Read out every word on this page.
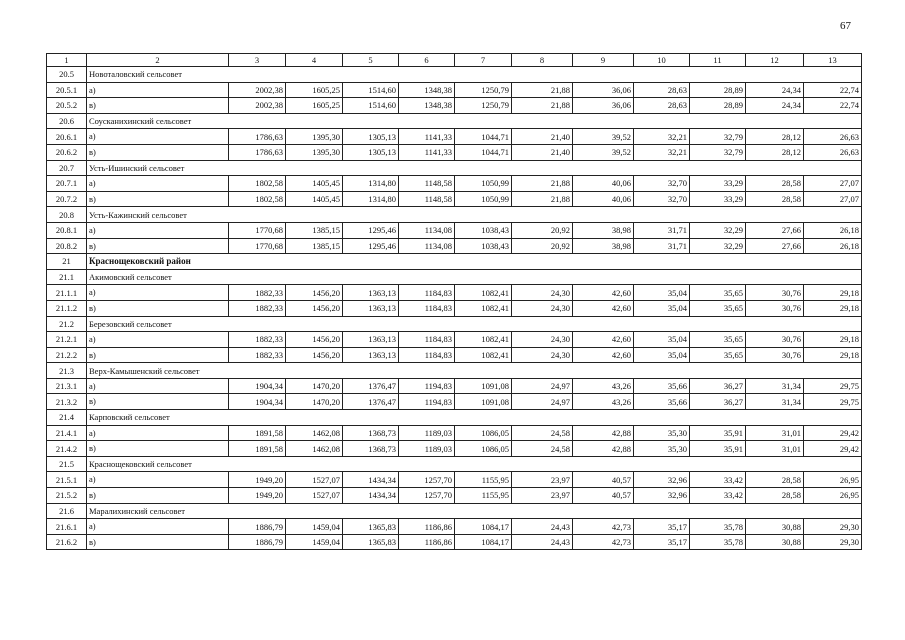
67
1	2	3	4	5	6	7	8	9	10	11	12	13
20.5	Новоталовский сельсовет											
20.5.1	а)	2002,38	1605,25	1514,60	1348,38	1250,79	21,88	36,06	28,63	28,89	24,34	22,74
20.5.2	в)	2002,38	1605,25	1514,60	1348,38	1250,79	21,88	36,06	28,63	28,89	24,34	22,74
20.6	Соусканихинский сельсовет											
20.6.1	а)	1786,63	1395,30	1305,13	1141,33	1044,71	21,40	39,52	32,21	32,79	28,12	26,63
20.6.2	в)	1786,63	1395,30	1305,13	1141,33	1044,71	21,40	39,52	32,21	32,79	28,12	26,63
20.7	Усть-Ишинский сельсовет											
20.7.1	а)	1802,58	1405,45	1314,80	1148,58	1050,99	21,88	40,06	32,70	33,29	28,58	27,07
20.7.2	в)	1802,58	1405,45	1314,80	1148,58	1050,99	21,88	40,06	32,70	33,29	28,58	27,07
20.8	Усть-Кажинский сельсовет											
20.8.1	а)	1770,68	1385,15	1295,46	1134,08	1038,43	20,92	38,98	31,71	32,29	27,66	26,18
20.8.2	в)	1770,68	1385,15	1295,46	1134,08	1038,43	20,92	38,98	31,71	32,29	27,66	26,18
21	Краснощековский район											
21.1	Акимовский сельсовет											
21.1.1	а)	1882,33	1456,20	1363,13	1184,83	1082,41	24,30	42,60	35,04	35,65	30,76	29,18
21.1.2	в)	1882,33	1456,20	1363,13	1184,83	1082,41	24,30	42,60	35,04	35,65	30,76	29,18
21.2	Березовский сельсовет											
21.2.1	а)	1882,33	1456,20	1363,13	1184,83	1082,41	24,30	42,60	35,04	35,65	30,76	29,18
21.2.2	в)	1882,33	1456,20	1363,13	1184,83	1082,41	24,30	42,60	35,04	35,65	30,76	29,18
21.3	Верх-Камышенский сельсовет											
21.3.1	а)	1904,34	1470,20	1376,47	1194,83	1091,08	24,97	43,26	35,66	36,27	31,34	29,75
21.3.2	в)	1904,34	1470,20	1376,47	1194,83	1091,08	24,97	43,26	35,66	36,27	31,34	29,75
21.4	Карповский сельсовет											
21.4.1	а)	1891,58	1462,08	1368,73	1189,03	1086,05	24,58	42,88	35,30	35,91	31,01	29,42
21.4.2	в)	1891,58	1462,08	1368,73	1189,03	1086,05	24,58	42,88	35,30	35,91	31,01	29,42
21.5	Краснощековский сельсовет											
21.5.1	а)	1949,20	1527,07	1434,34	1257,70	1155,95	23,97	40,57	32,96	33,42	28,58	26,95
21.5.2	в)	1949,20	1527,07	1434,34	1257,70	1155,95	23,97	40,57	32,96	33,42	28,58	26,95
21.6	Маралихинский сельсовет											
21.6.1	а)	1886,79	1459,04	1365,83	1186,86	1084,17	24,43	42,73	35,17	35,78	30,88	29,30
21.6.2	в)	1886,79	1459,04	1365,83	1186,86	1084,17	24,43	42,73	35,17	35,78	30,88	29,30
